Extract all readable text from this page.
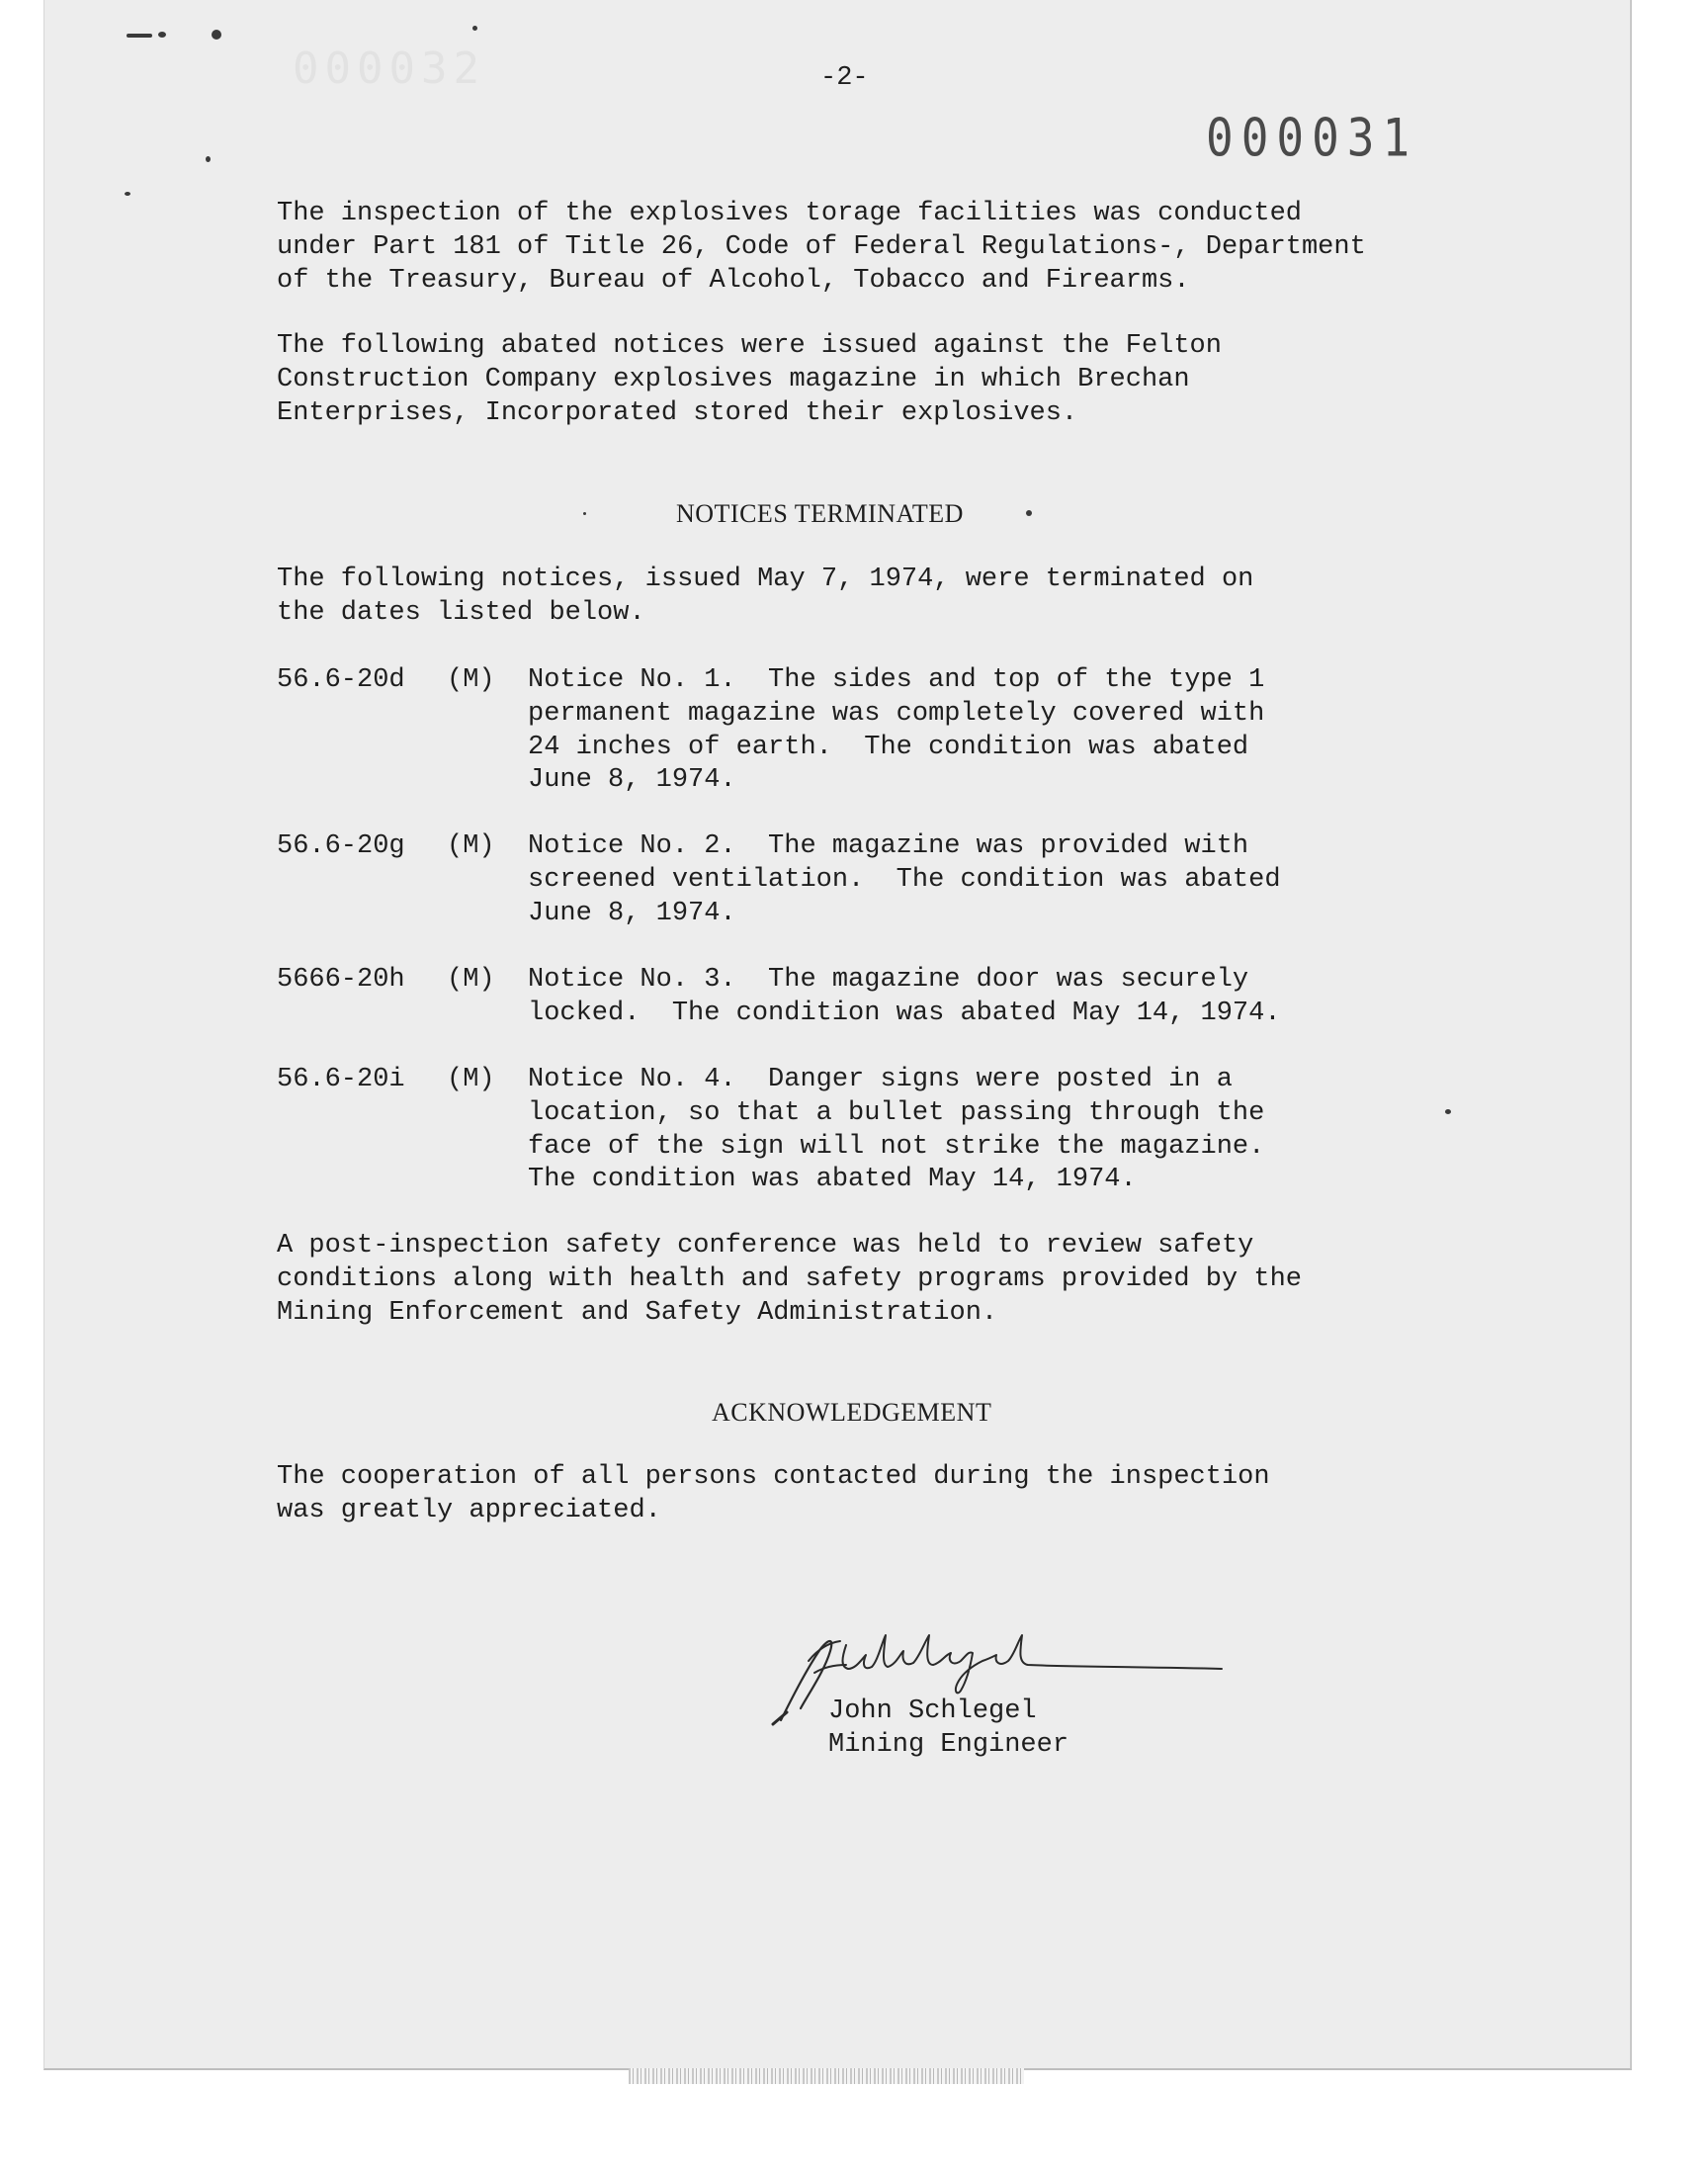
000032	-2-
000031
The inspection of the explosives torage facilities was conducted
under Part 181 of Title 26, Code of Federal Regulations-, Department
of the Treasury, Bureau of Alcohol, Tobacco and Firearms.
The following abated notices were issued against the Felton
Construction Company explosives magazine in which Brechan
Enterprises, Incorporated stored their explosives.
NOTICES TERMINATED
The following notices, issued May 7, 1974, were terminated on
the dates listed below.
56.6-20d (M) Notice No. 1.  The sides and top of the type 1
permanent magazine was completely covered with
24 inches of earth.  The condition was abated
June 8, 1974.
56.6-20g (M) Notice No. 2.  The magazine was provided with
screened ventilation.  The condition was abated
June 8, 1974.
5666-20h (M) Notice No. 3.  The magazine door was securely
locked.  The condition was abated May 14, 1974.
56.6-20i (M) Notice No. 4.  Danger signs were posted in a
location, so that a bullet passing through the
face of the sign will not strike the magazine.
The condition was abated May 14, 1974.
A post-inspection safety conference was held to review safety
conditions along with health and safety programs provided by the
Mining Enforcement and Safety Administration.
ACKNOWLEDGEMENT
The cooperation of all persons contacted during the inspection
was greatly appreciated.
John Schlegel
Mining Engineer
